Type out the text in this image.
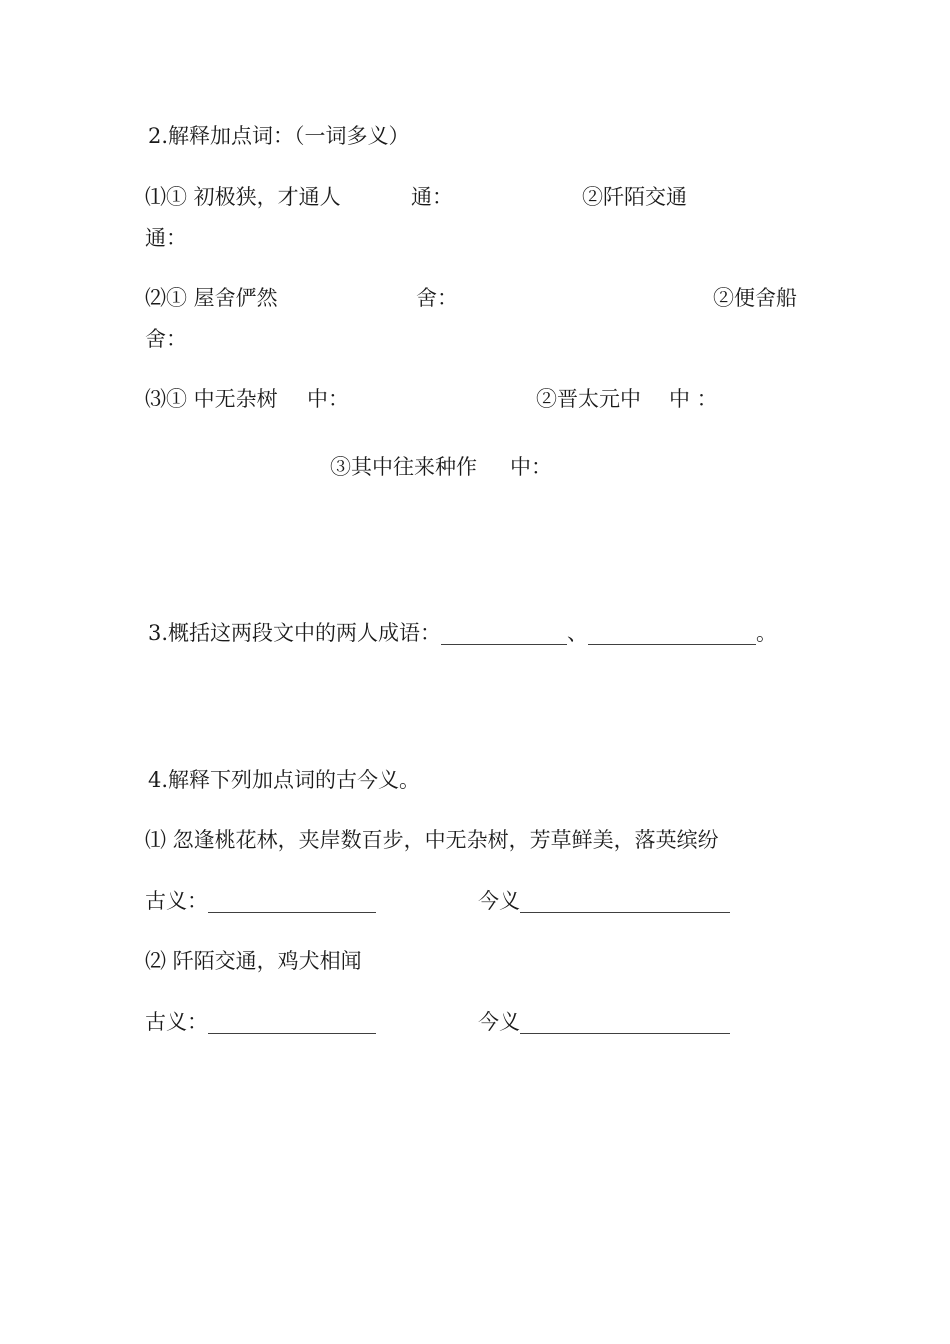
2.解释加点词：（一词多义）
⑴① 初极狭，才通人	通：	②阡陌交通
通：
⑵① 屋舍俨然	舍：	②便舍船
舍：
⑶① 中无杂树 中：	②晋太元中 中 ：
③其中往来种作 中：
3.概括这两段文中的两人成语：____________、________________。
4.解释下列加点词的古今义。
⑴ 忽逢桃花林，夹岸数百步，中无杂树，芳草鲜美，落英缤纷
古义：________________	今义____________________
⑵ 阡陌交通，鸡犬相闻
古义：________________	今义____________________
